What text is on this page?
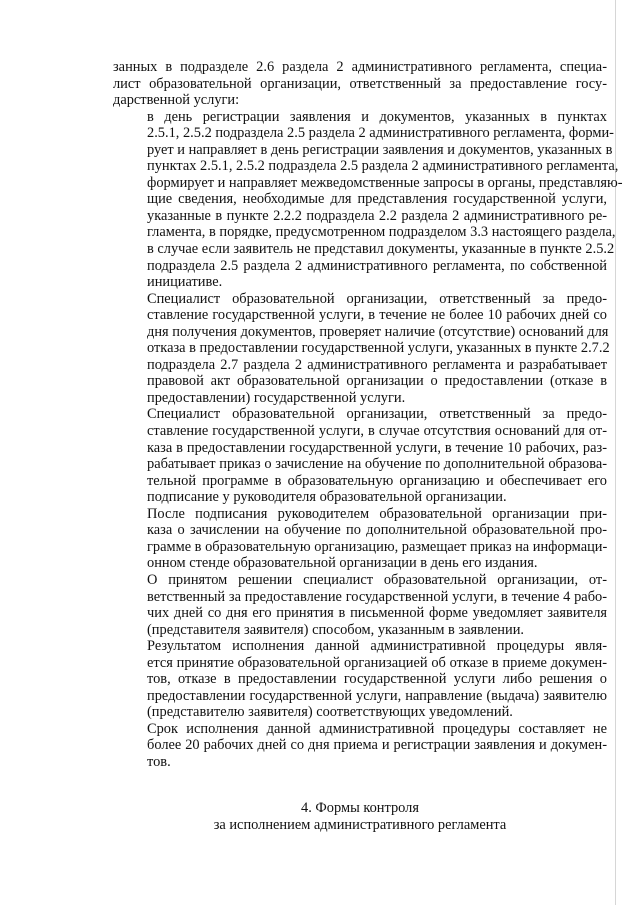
занных в подразделе 2.6 раздела 2 административного регламента, специа-
лист образовательной организации, ответственный за предоставление госу-
дарственной услуги:

в день регистрации заявления и документов, указанных в пунктах
2.5.1, 2.5.2 подраздела 2.5 раздела 2 административного регламента, форми-
рует и направляет в день регистрации заявления и документов, указанных в
пунктах 2.5.1, 2.5.2 подраздела 2.5 раздела 2 административного регламента,
формирует и направляет межведомственные запросы в органы, представляю-
щие сведения, необходимые для представления государственной услуги,
указанные в пункте 2.2.2 подраздела 2.2 раздела 2 административного ре-
гламента, в порядке, предусмотренном подразделом 3.3 настоящего раздела,
в случае если заявитель не представил документы, указанные в пункте 2.5.2
подраздела 2.5 раздела 2 административного регламента, по собственной
инициативе.

Специалист образовательной организации, ответственный за предо-
ставление государственной услуги, в течение не более 10 рабочих дней со
дня получения документов, проверяет наличие (отсутствие) оснований для
отказа в предоставлении государственной услуги, указанных в пункте 2.7.2
подраздела 2.7 раздела 2 административного регламента и разрабатывает
правовой акт образовательной организации о предоставлении (отказе в
предоставлении) государственной услуги.

Специалист образовательной организации, ответственный за предо-
ставление государственной услуги, в случае отсутствия оснований для от-
каза в предоставлении государственной услуги, в течение 10 рабочих, раз-
рабатывает приказ о зачисление на обучение по дополнительной образова-
тельной программе в образовательную организацию и обеспечивает его
подписание у руководителя образовательной организации.

После подписания руководителем образовательной организации при-
каза о зачислении на обучение по дополнительной образовательной про-
грамме в образовательную организацию, размещает приказ на информаци-
онном стенде образовательной организации в день его издания.

О принятом решении специалист образовательной организации, от-
ветственный за предоставление государственной услуги, в течение 4 рабо-
чих дней со дня его принятия в письменной форме уведомляет заявителя
(представителя заявителя) способом, указанным в заявлении.

Результатом исполнения данной административной процедуры явля-
ется принятие образовательной организацией об отказе в приеме докумен-
тов, отказе в предоставлении государственной услуги либо решения о
предоставлении государственной услуги, направление (выдача) заявителю
(представителю заявителя) соответствующих уведомлений.

Срок исполнения данной административной процедуры составляет не
более 20 рабочих дней со дня приема и регистрации заявления и докумен-
тов.

4. Формы контроля
за исполнением административного регламента
